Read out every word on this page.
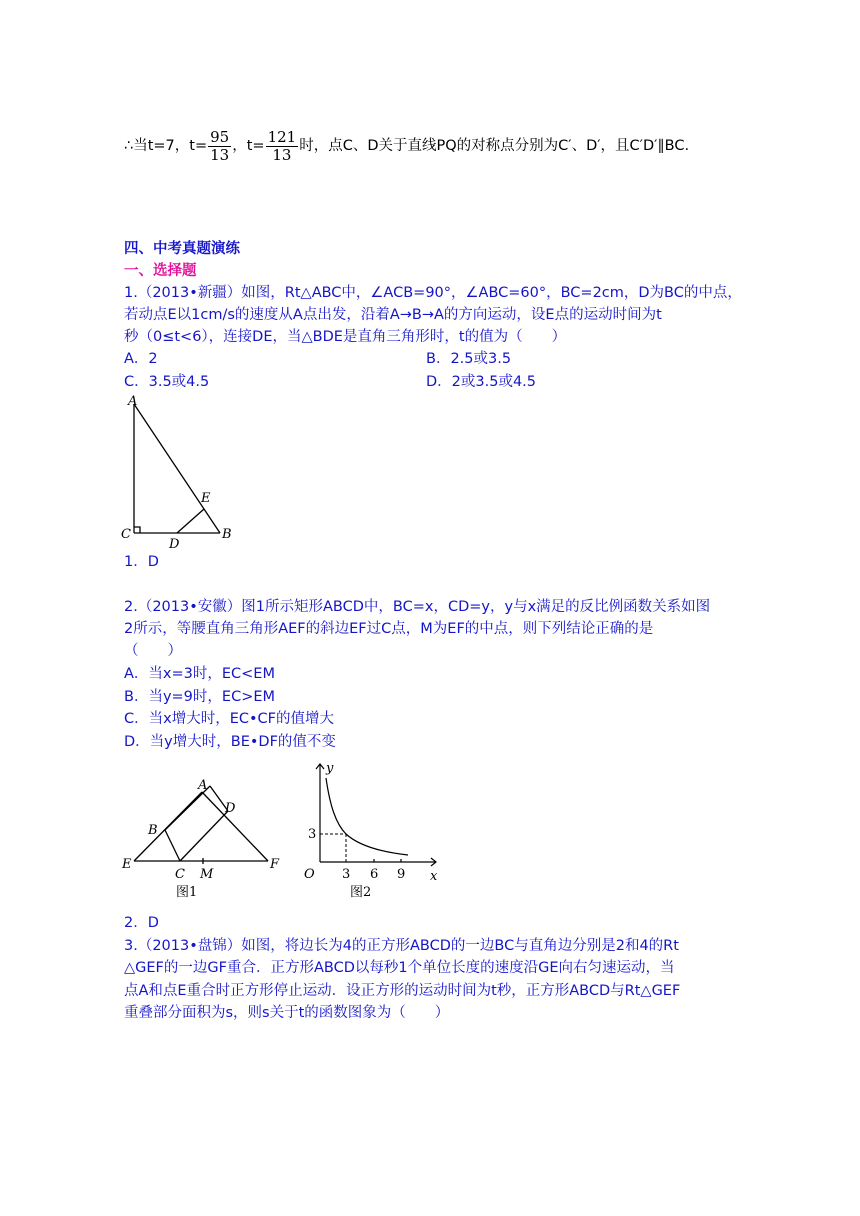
∴当t=7，$t= \frac{95}{13}$ ，$t= \frac{121}{13}$ 时，点C、D关于直线PQ的对称点分别为C′、D′，且C′D′∥BC.
四、中考真题演练
一、选择题
1.（2013•新疆）如图，Rt△ABC中，∠ACB=90°，∠ABC=60°，BC=2cm，D为BC的中点，
若动点E以1cm/s的速度从A点出发，沿着A→B→A的方向运动，设E点的运动时间为t
秒（0≤t<6），连接DE，当△BDE是直角三角形时，t的值为（　　）
A．2	B．2.5或3.5
C．3.5或4.5	D．2或3.5或4.5
A
E
C
D
B
1．D
2.（2013•安徽）图1所示矩形ABCD中，BC=x，CD=y，y与x满足的反比例函数关系如图
2所示，等腰直角三角形AEF的斜边EF过C点，M为EF的中点，则下列结论正确的是
（　　）
A．当x=3时，EC<EM
B．当y=9时，EC>EM
C．当x增大时，EC•CF的值增大
D．当y增大时，BE•DF的值不变
A
D
B
E
C M
F
图1
y
3
O 3 6 9 x
图2
2．D
3.（2013•盘锦）如图，将边长为4的正方形ABCD的一边BC与直角边分别是2和4的Rt
△GEF的一边GF重合．正方形ABCD以每秒1个单位长度的速度沿GE向右匀速运动，当
点A和点E重合时正方形停止运动．设正方形的运动时间为t秒，正方形ABCD与Rt△GEF
重叠部分面积为s，则s关于t的函数图象为（　　）
